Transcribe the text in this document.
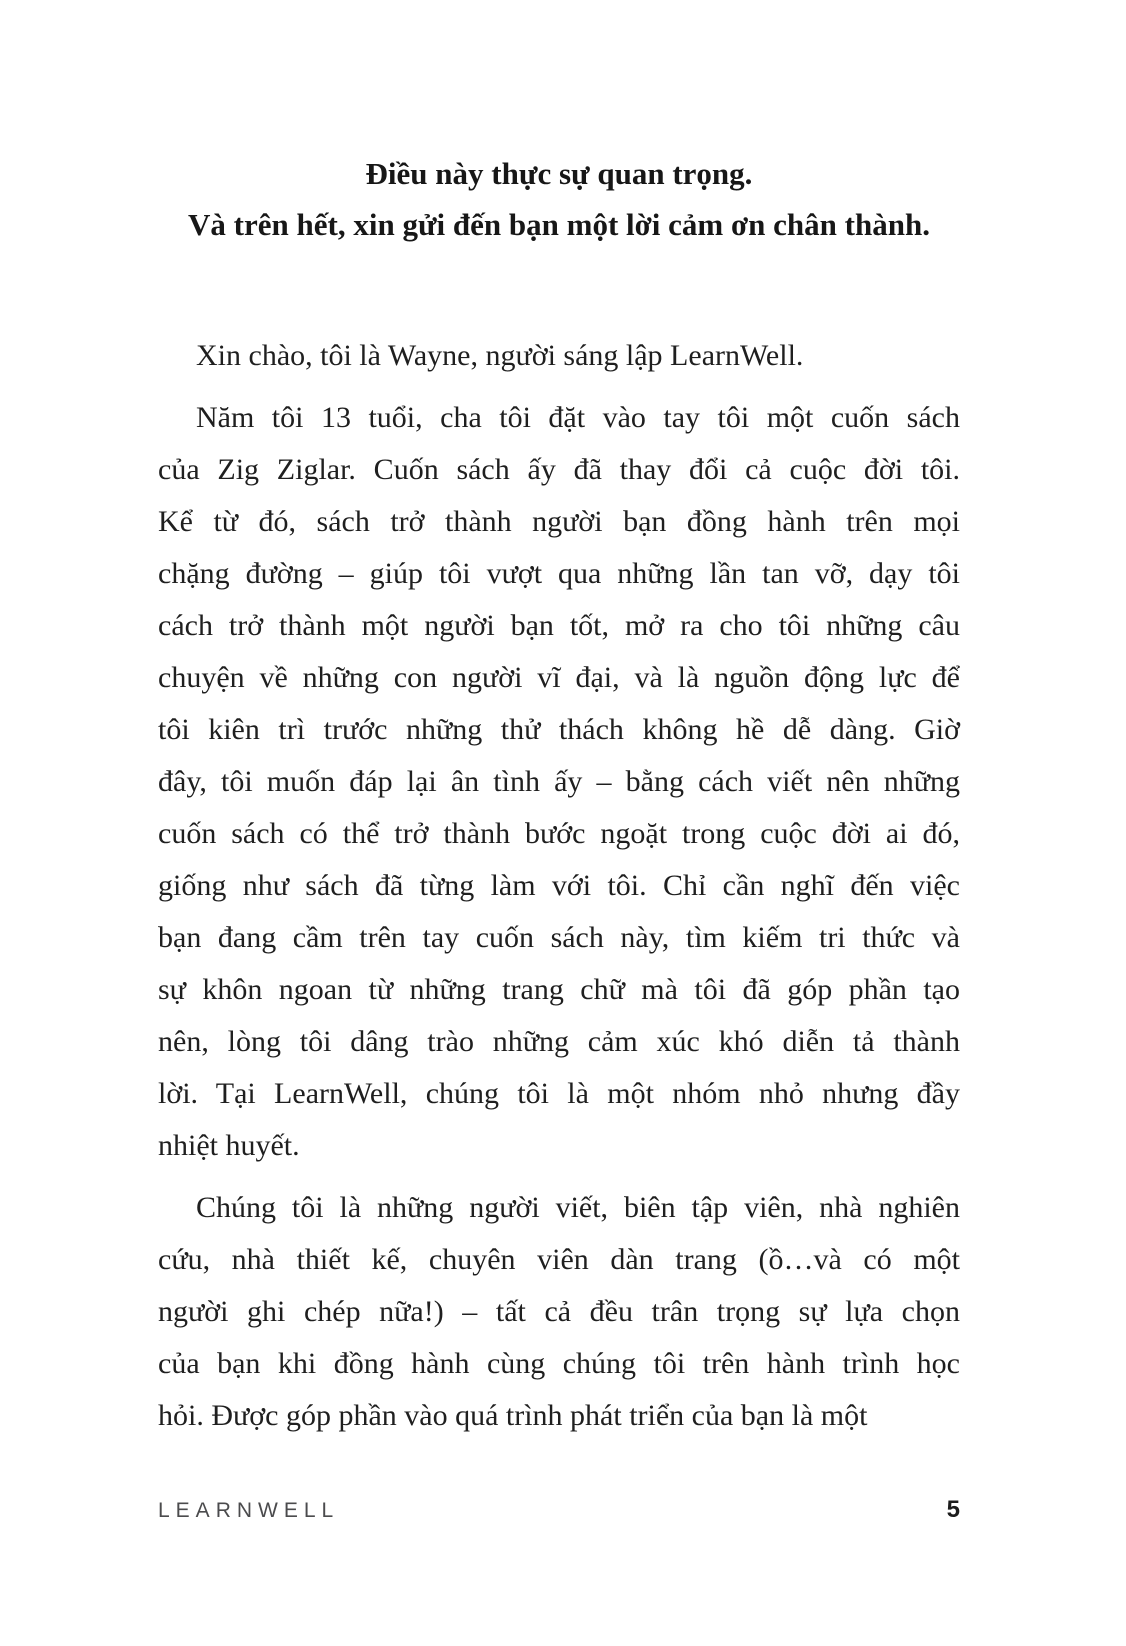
Điều này thực sự quan trọng.
Và trên hết, xin gửi đến bạn một lời cảm ơn chân thành.
Xin chào, tôi là Wayne, người sáng lập LearnWell.
Năm tôi 13 tuổi, cha tôi đặt vào tay tôi một cuốn sách
của Zig Ziglar. Cuốn sách ấy đã thay đổi cả cuộc đời tôi.
Kể từ đó, sách trở thành người bạn đồng hành trên mọi
chặng đường – giúp tôi vượt qua những lần tan vỡ, dạy tôi
cách trở thành một người bạn tốt, mở ra cho tôi những câu
chuyện về những con người vĩ đại, và là nguồn động lực để
tôi kiên trì trước những thử thách không hề dễ dàng. Giờ
đây, tôi muốn đáp lại ân tình ấy – bằng cách viết nên những
cuốn sách có thể trở thành bước ngoặt trong cuộc đời ai đó,
giống như sách đã từng làm với tôi. Chỉ cần nghĩ đến việc
bạn đang cầm trên tay cuốn sách này, tìm kiếm tri thức và
sự khôn ngoan từ những trang chữ mà tôi đã góp phần tạo
nên, lòng tôi dâng trào những cảm xúc khó diễn tả thành
lời. Tại LearnWell, chúng tôi là một nhóm nhỏ nhưng đầy
nhiệt huyết.
Chúng tôi là những người viết, biên tập viên, nhà nghiên
cứu, nhà thiết kế, chuyên viên dàn trang (ồ…và có một
người ghi chép nữa!) – tất cả đều trân trọng sự lựa chọn
của bạn khi đồng hành cùng chúng tôi trên hành trình học
hỏi. Được góp phần vào quá trình phát triển của bạn là một
LEARNWELL	5
